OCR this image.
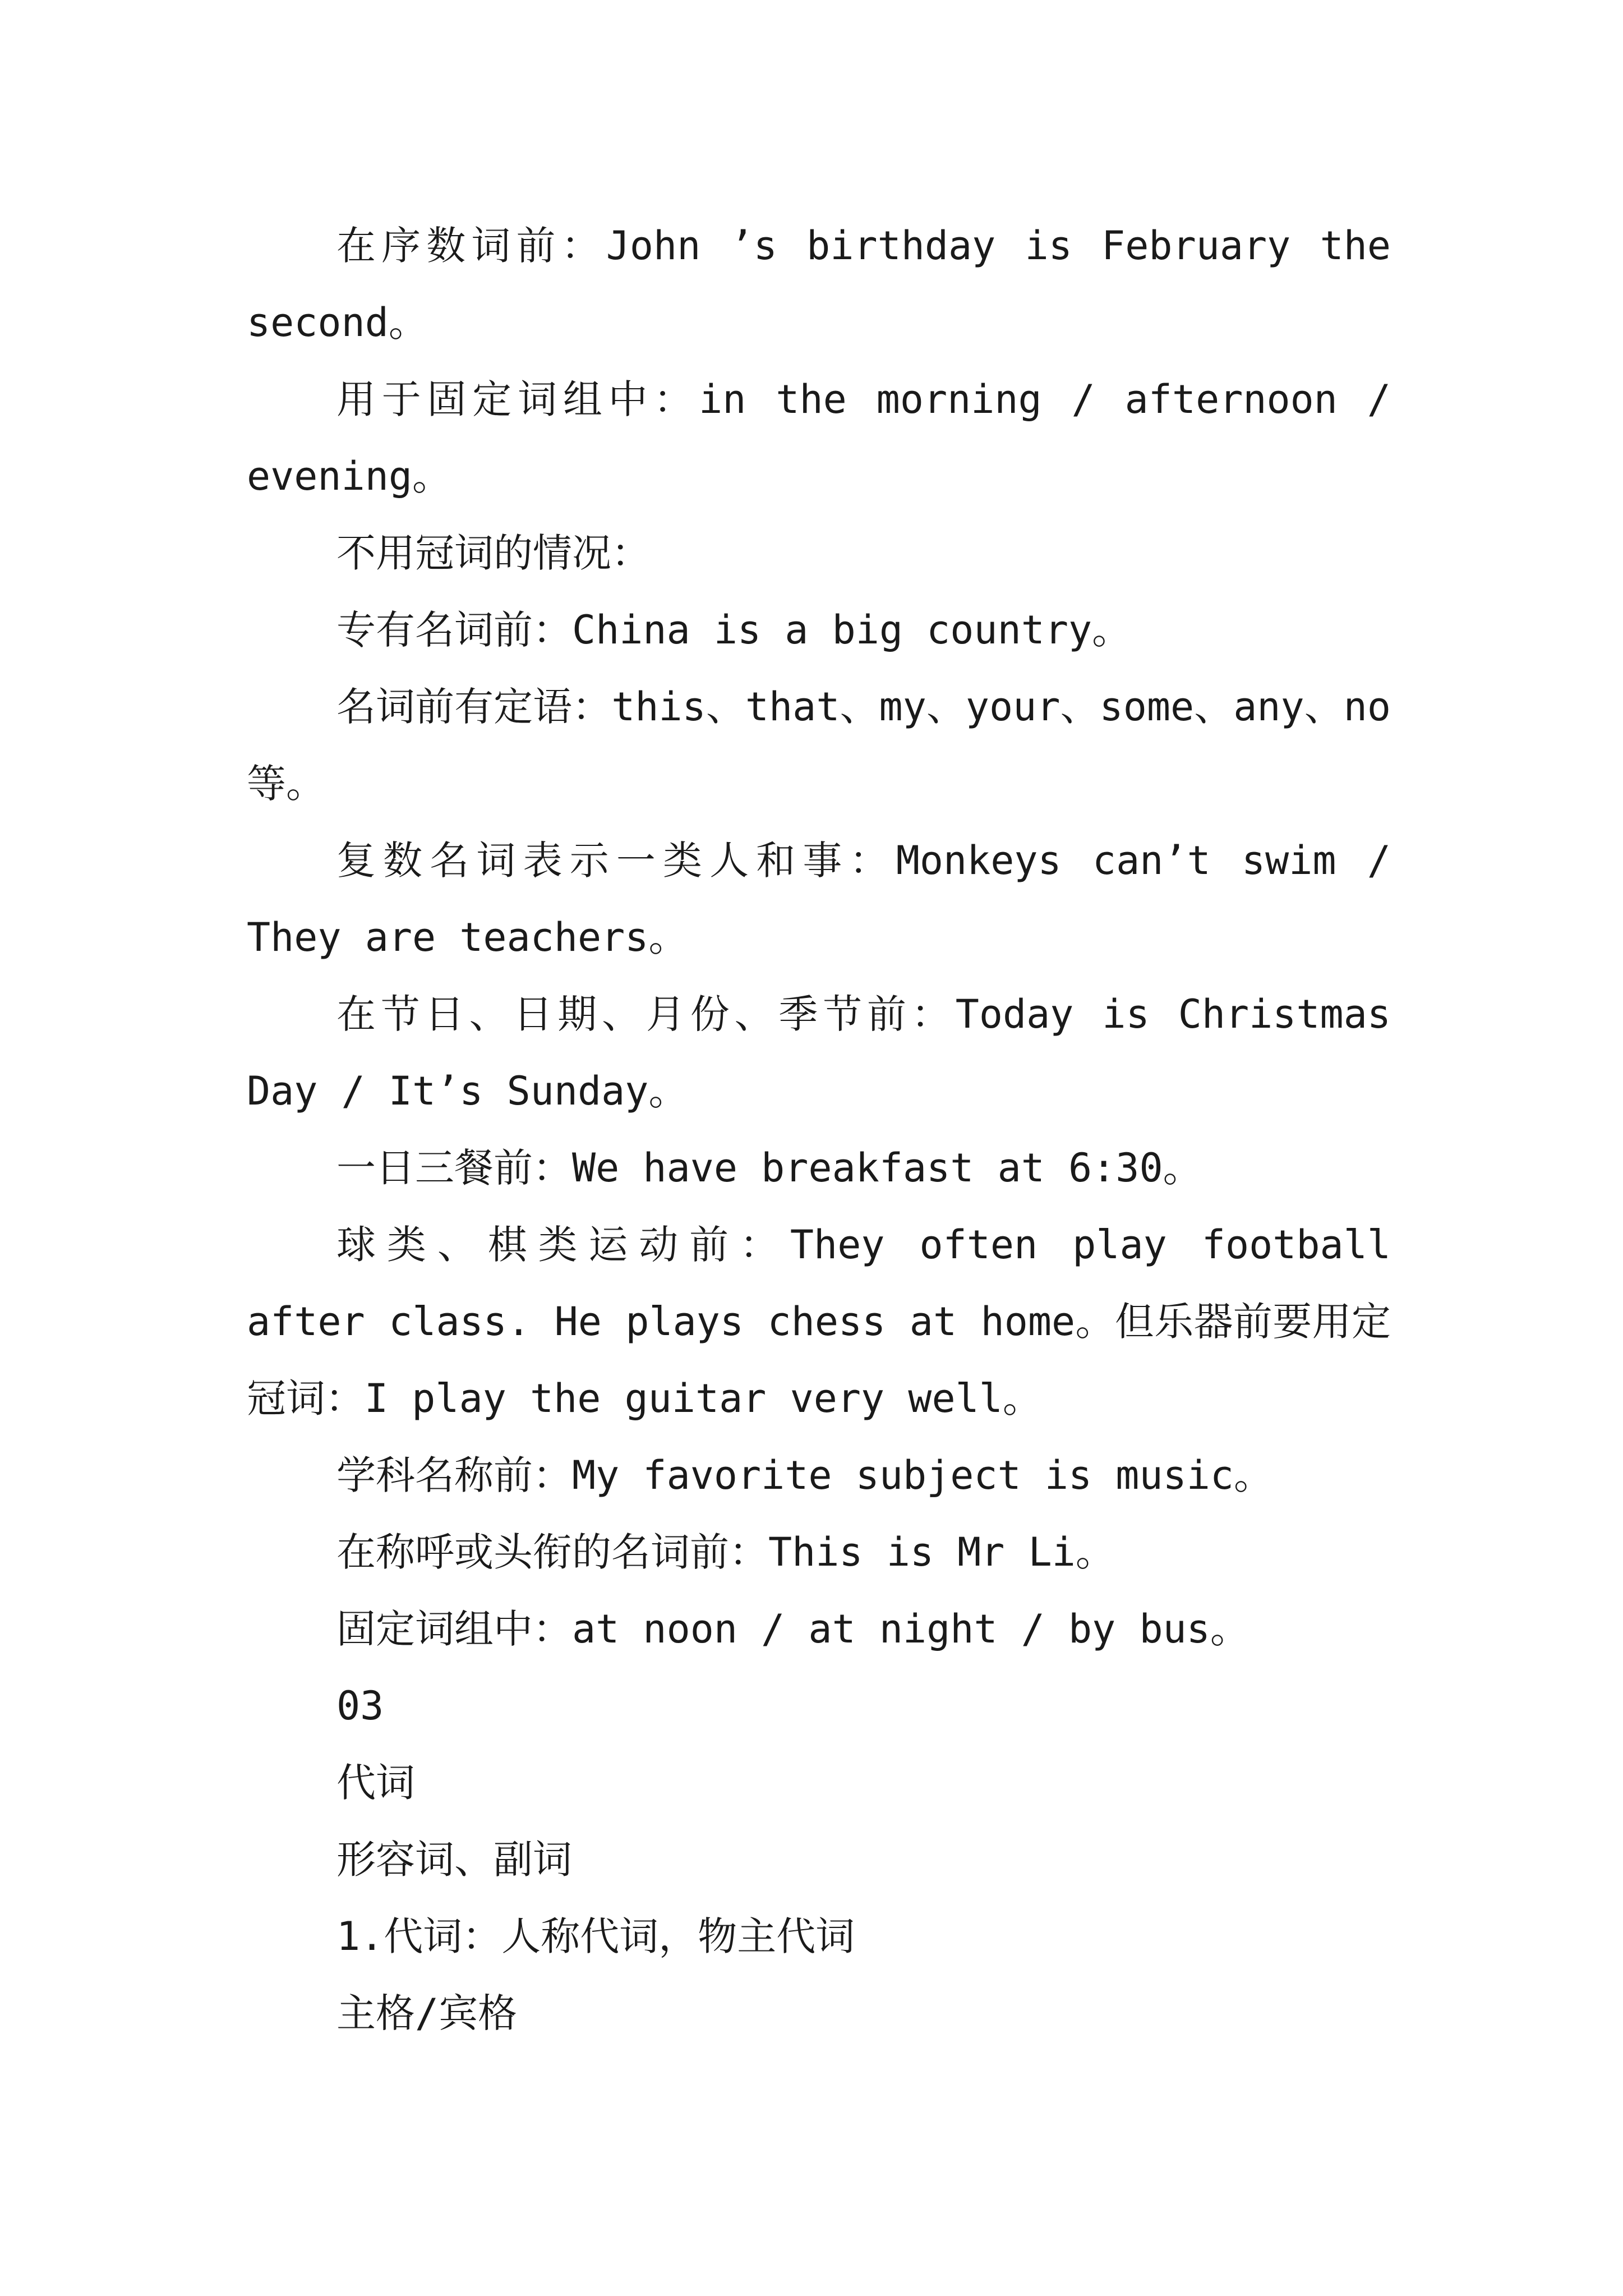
在序数词前：John ’s birthday is February the second。

用于固定词组中：in the morning / afternoon / evening。

不用冠词的情况：

专有名词前：China is a big country。

名词前有定语：this、that、my、your、some、any、no等。

复数名词表示一类人和事：Monkeys can’t swim / They are teachers。

在节日、日期、月份、季节前：Today is Christmas Day / It’s Sunday。

一日三餐前：We have breakfast at 6:30。

球类、棋类运动前：They often play football after class. He plays chess at home。但乐器前要用定冠词：I play the guitar very well。

学科名称前：My favorite subject is music。

在称呼或头衔的名词前：This is Mr Li。

固定词组中：at noon / at night / by bus。

03

代词

形容词、副词

1.代词：人称代词，物主代词

主格/宾格
